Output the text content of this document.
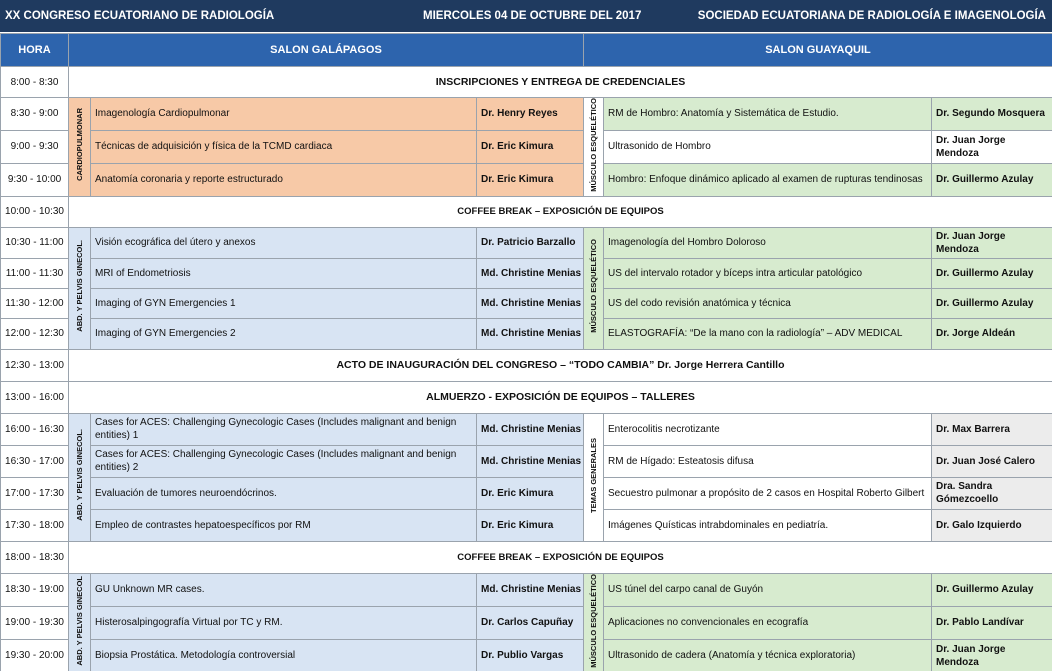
XX CONGRESO ECUATORIANO DE RADIOLOGÍA	MIERCOLES 04 DE OCTUBRE DEL 2017	SOCIEDAD ECUATORIANA DE RADIOLOGÍA E IMAGENOLOGÍA
HORA	SALON GALÁPAGOS			SALON GUAYAQUIL		
8:00 - 8:30	INSCRIPCIONES Y ENTREGA DE CREDENCIALES					
8:30 - 9:00	CARDIOPULMONAR	Imagenología Cardiopulmonar	Dr. Henry Reyes	MÚSCULO ESQUELÉTICO	RM de Hombro: Anatomía y Sistemática de Estudio.	Dr. Segundo Mosquera
9:00 - 9:30		Técnicas de adquisición y física de la TCMD cardiaca	Dr. Eric Kimura		Ultrasonido de Hombro	Dr. Juan Jorge Mendoza
9:30 - 10:00		Anatomía coronaria y reporte estructurado	Dr. Eric Kimura		Hombro: Enfoque dinámico aplicado al examen de rupturas tendinosas	Dr. Guillermo Azulay
10:00 - 10:30	COFFEE BREAK – EXPOSICIÓN DE EQUIPOS					
10:30 - 11:00	ABD. Y PELVIS GINECOL.	Visión ecográfica del útero y anexos	Dr. Patricio Barzallo	MÚSCULO ESQUELÉTICO	Imagenología del Hombro Doloroso	Dr. Juan Jorge Mendoza
11:00 - 11:30		MRI of Endometriosis	Md. Christine Menias		US del intervalo rotador y bíceps intra articular patológico	Dr. Guillermo Azulay
11:30 - 12:00		Imaging of GYN Emergencies 1	Md. Christine Menias		US del codo revisión anatómica y técnica	Dr. Guillermo Azulay
12:00 - 12:30		Imaging of GYN Emergencies 2	Md. Christine Menias		ELASTOGRAFÍA: “De la mano con la radiología” – ADV MEDICAL	Dr. Jorge Aldeán
12:30 - 13:00	ACTO DE INAUGURACIÓN DEL CONGRESO – “TODO CAMBIA” Dr. Jorge Herrera Cantillo					
13:00 - 16:00	ALMUERZO - EXPOSICIÓN DE EQUIPOS – TALLERES					
16:00 - 16:30	ABD. Y PELVIS GINECOL.	Cases for ACES: Challenging Gynecologic Cases (Includes malignant and benign entities) 1	Md. Christine Menias	TEMAS GENERALES	Enterocolitis necrotizante	Dr. Max Barrera
16:30 - 17:00		Cases for ACES: Challenging Gynecologic Cases (Includes malignant and benign entities) 2	Md. Christine Menias		RM de Hígado: Esteatosis difusa	Dr. Juan José Calero
17:00 - 17:30		Evaluación de tumores neuroendócrinos.	Dr. Eric Kimura		Secuestro pulmonar a propósito de 2 casos en Hospital Roberto Gilbert	Dra. Sandra Gómezcoello
17:30 - 18:00		Empleo de contrastes hepatoespecíficos por RM	Dr. Eric Kimura		Imágenes Quísticas intrabdominales en pediatría.	Dr. Galo Izquierdo
18:00 - 18:30	COFFEE BREAK – EXPOSICIÓN DE EQUIPOS					
18:30 - 19:00	ABD. Y PELVIS GINECOL	GU Unknown MR cases.	Md. Christine Menias	MÚSCULO ESQUELÉTICO	US túnel del carpo canal de Guyón	Dr. Guillermo Azulay
19:00 - 19:30		Histerosalpingografía Virtual por TC y RM.	Dr. Carlos Capuñay		Aplicaciones no convencionales en ecografía	Dr. Pablo Landívar
19:30 - 20:00		Biopsia Prostática. Metodología controversial	Dr. Publio Vargas		Ultrasonido de cadera (Anatomía y técnica exploratoria)	Dr. Juan Jorge Mendoza
